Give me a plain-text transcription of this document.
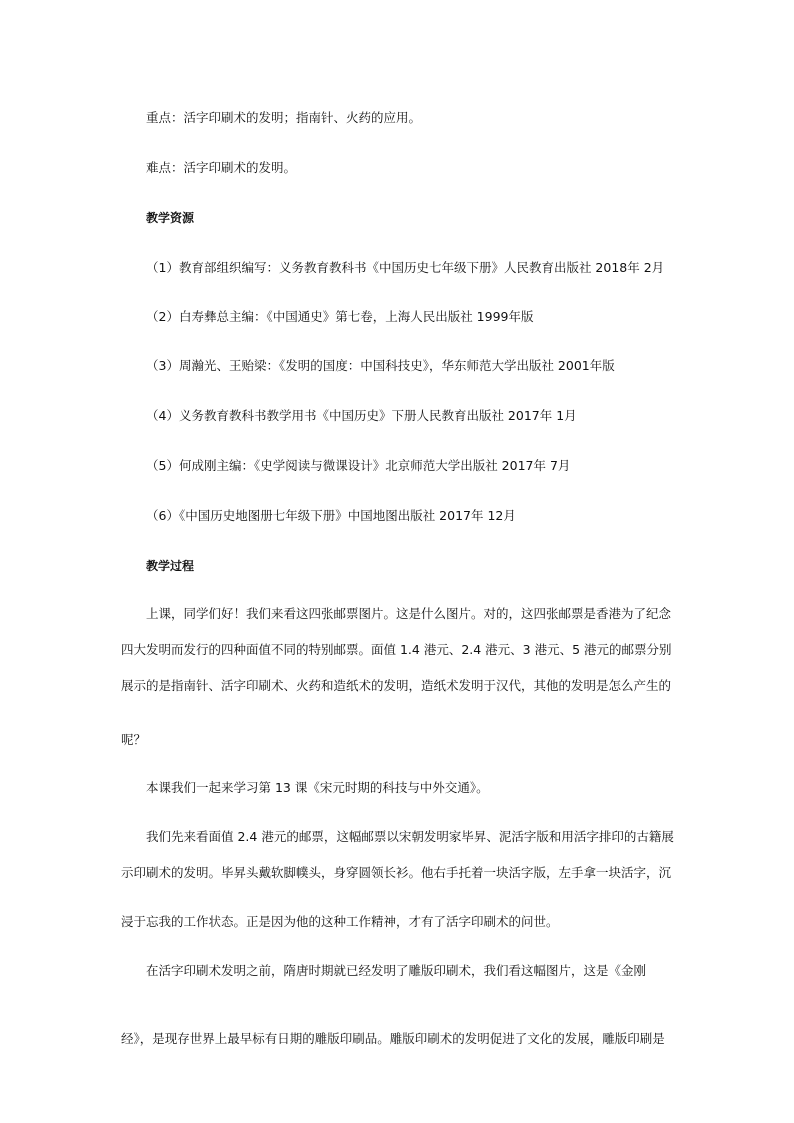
重点：活字印刷术的发明；指南针、火药的应用。
难点：活字印刷术的发明。
教学资源
（1）教育部组织编写：义务教育教科书《中国历史七年级下册》人民教育出版社 2018年 2月
（2）白寿彝总主编：《中国通史》第七卷，上海人民出版社 1999年版
（3）周瀚光、王贻梁：《发明的国度：中国科技史》，华东师范大学出版社 2001年版
（4）义务教育教科书教学用书《中国历史》下册人民教育出版社 2017年 1月
（5）何成刚主编：《史学阅读与微课设计》北京师范大学出版社 2017年 7月
（6）《中国历史地图册七年级下册》中国地图出版社 2017年 12月
教学过程
上课，同学们好！我们来看这四张邮票图片。这是什么图片。对的，这四张邮票是香港为了纪念
四大发明而发行的四种面值不同的特别邮票。面值 1.4 港元、2.4 港元、3 港元、5 港元的邮票分别
展示的是指南针、活字印刷术、火药和造纸术的发明，造纸术发明于汉代，其他的发明是怎么产生的
呢？
本课我们一起来学习第 13 课《宋元时期的科技与中外交通》。
我们先来看面值 2.4 港元的邮票，这幅邮票以宋朝发明家毕昇、泥活字版和用活字排印的古籍展
示印刷术的发明。毕昇头戴软脚幞头，身穿圆领长衫。他右手托着一块活字版，左手拿一块活字，沉
浸于忘我的工作状态。正是因为他的这种工作精神，才有了活字印刷术的问世。
在活字印刷术发明之前，隋唐时期就已经发明了雕版印刷术，我们看这幅图片，这是《金刚
经》，是现存世界上最早标有日期的雕版印刷品。雕版印刷术的发明促进了文化的发展，雕版印刷是
